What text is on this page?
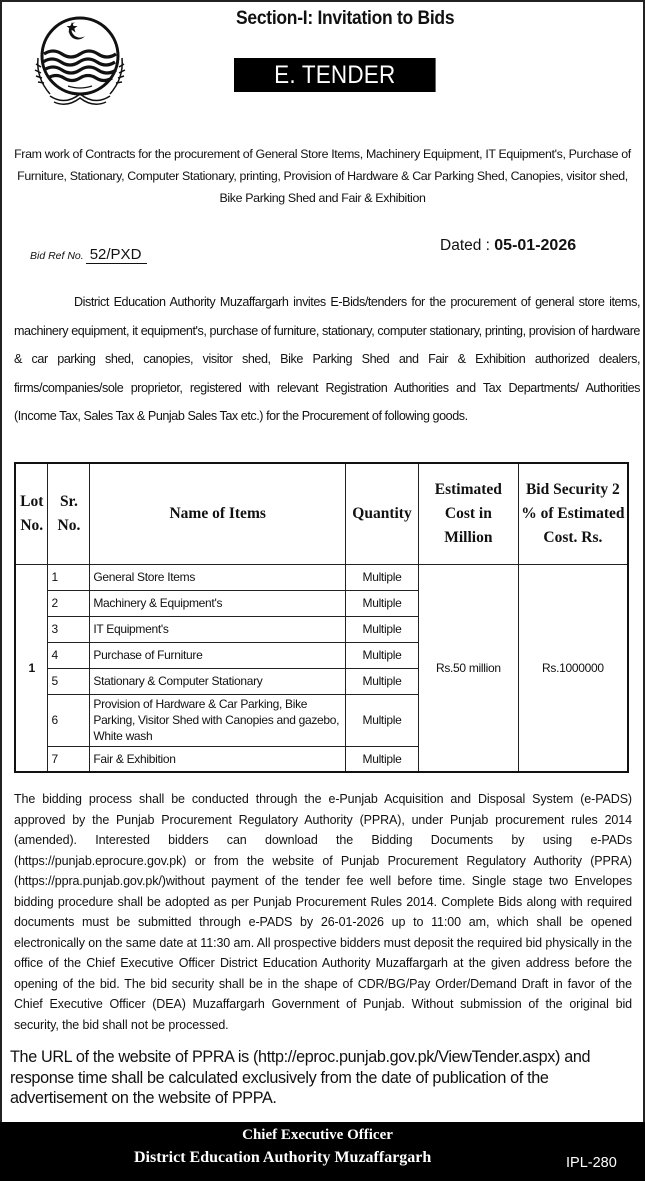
Section-I: Invitation to Bids
E. TENDER NOTICE
Fram work of Contracts for the procurement of General Store Items, Machinery Equipment, IT Equipment's, Purchase of Furniture, Stationary, Computer Stationary, printing, Provision of Hardware & Car Parking Shed, Canopies, visitor shed, Bike Parking Shed and Fair & Exhibition
Bid Ref No. 52/PXD
Dated : 05-01-2026
District Education Authority Muzaffargarh invites E-Bids/tenders for the procurement of general store items, machinery equipment, it equipment's, purchase of furniture, stationary, computer stationary, printing, provision of hardware & car parking shed, canopies, visitor shed, Bike Parking Shed and Fair & Exhibition authorized dealers, firms/companies/sole proprietor, registered with relevant Registration Authorities and Tax Departments/ Authorities (Income Tax, Sales Tax & Punjab Sales Tax etc.) for the Procurement of following goods.
Lot No.	Sr. No.	Name of Items	Quantity	Estimated Cost in Million	Bid Security 2 % of Estimated Cost. Rs.
1	1	General Store Items	Multiple	Rs.50 million	Rs.1000000
	2	Machinery & Equipment's	Multiple		
	3	IT Equipment's	Multiple		
	4	Purchase of Furniture	Multiple		
	5	Stationary & Computer Stationary	Multiple		
	6	Provision of Hardware & Car Parking, Bike Parking, Visitor Shed with Canopies and gazebo, White wash	Multiple		
	7	Fair & Exhibition	Multiple		
The bidding process shall be conducted through the e-Punjab Acquisition and Disposal System (e-PADS) approved by the Punjab Procurement Regulatory Authority (PPRA), under Punjab procurement rules 2014 (amended). Interested bidders can download the Bidding Documents by using e-PADs (https://punjab.eprocure.gov.pk) or from the website of Punjab Procurement Regulatory Authority (PPRA) (https://ppra.punjab.gov.pk/)without payment of the tender fee well before time. Single stage two Envelopes bidding procedure shall be adopted as per Punjab Procurement Rules 2014. Complete Bids along with required documents must be submitted through e-PADS by 26-01-2026 up to 11:00 am, which shall be opened electronically on the same date at 11:30 am. All prospective bidders must deposit the required bid physically in the office of the Chief Executive Officer District Education Authority Muzaffargarh at the given address before the opening of the bid. The bid security shall be in the shape of CDR/BG/Pay Order/Demand Draft in favor of the Chief Executive Officer (DEA) Muzaffargarh Government of Punjab. Without submission of the original bid security, the bid shall not be processed.
The URL of the website of PPRA is (http://eproc.punjab.gov.pk/ViewTender.aspx) and response time shall be calculated exclusively from the date of publication of the advertisement on the website of PPPA.
Chief Executive Officer
District Education Authority Muzaffargarh	IPL-280
